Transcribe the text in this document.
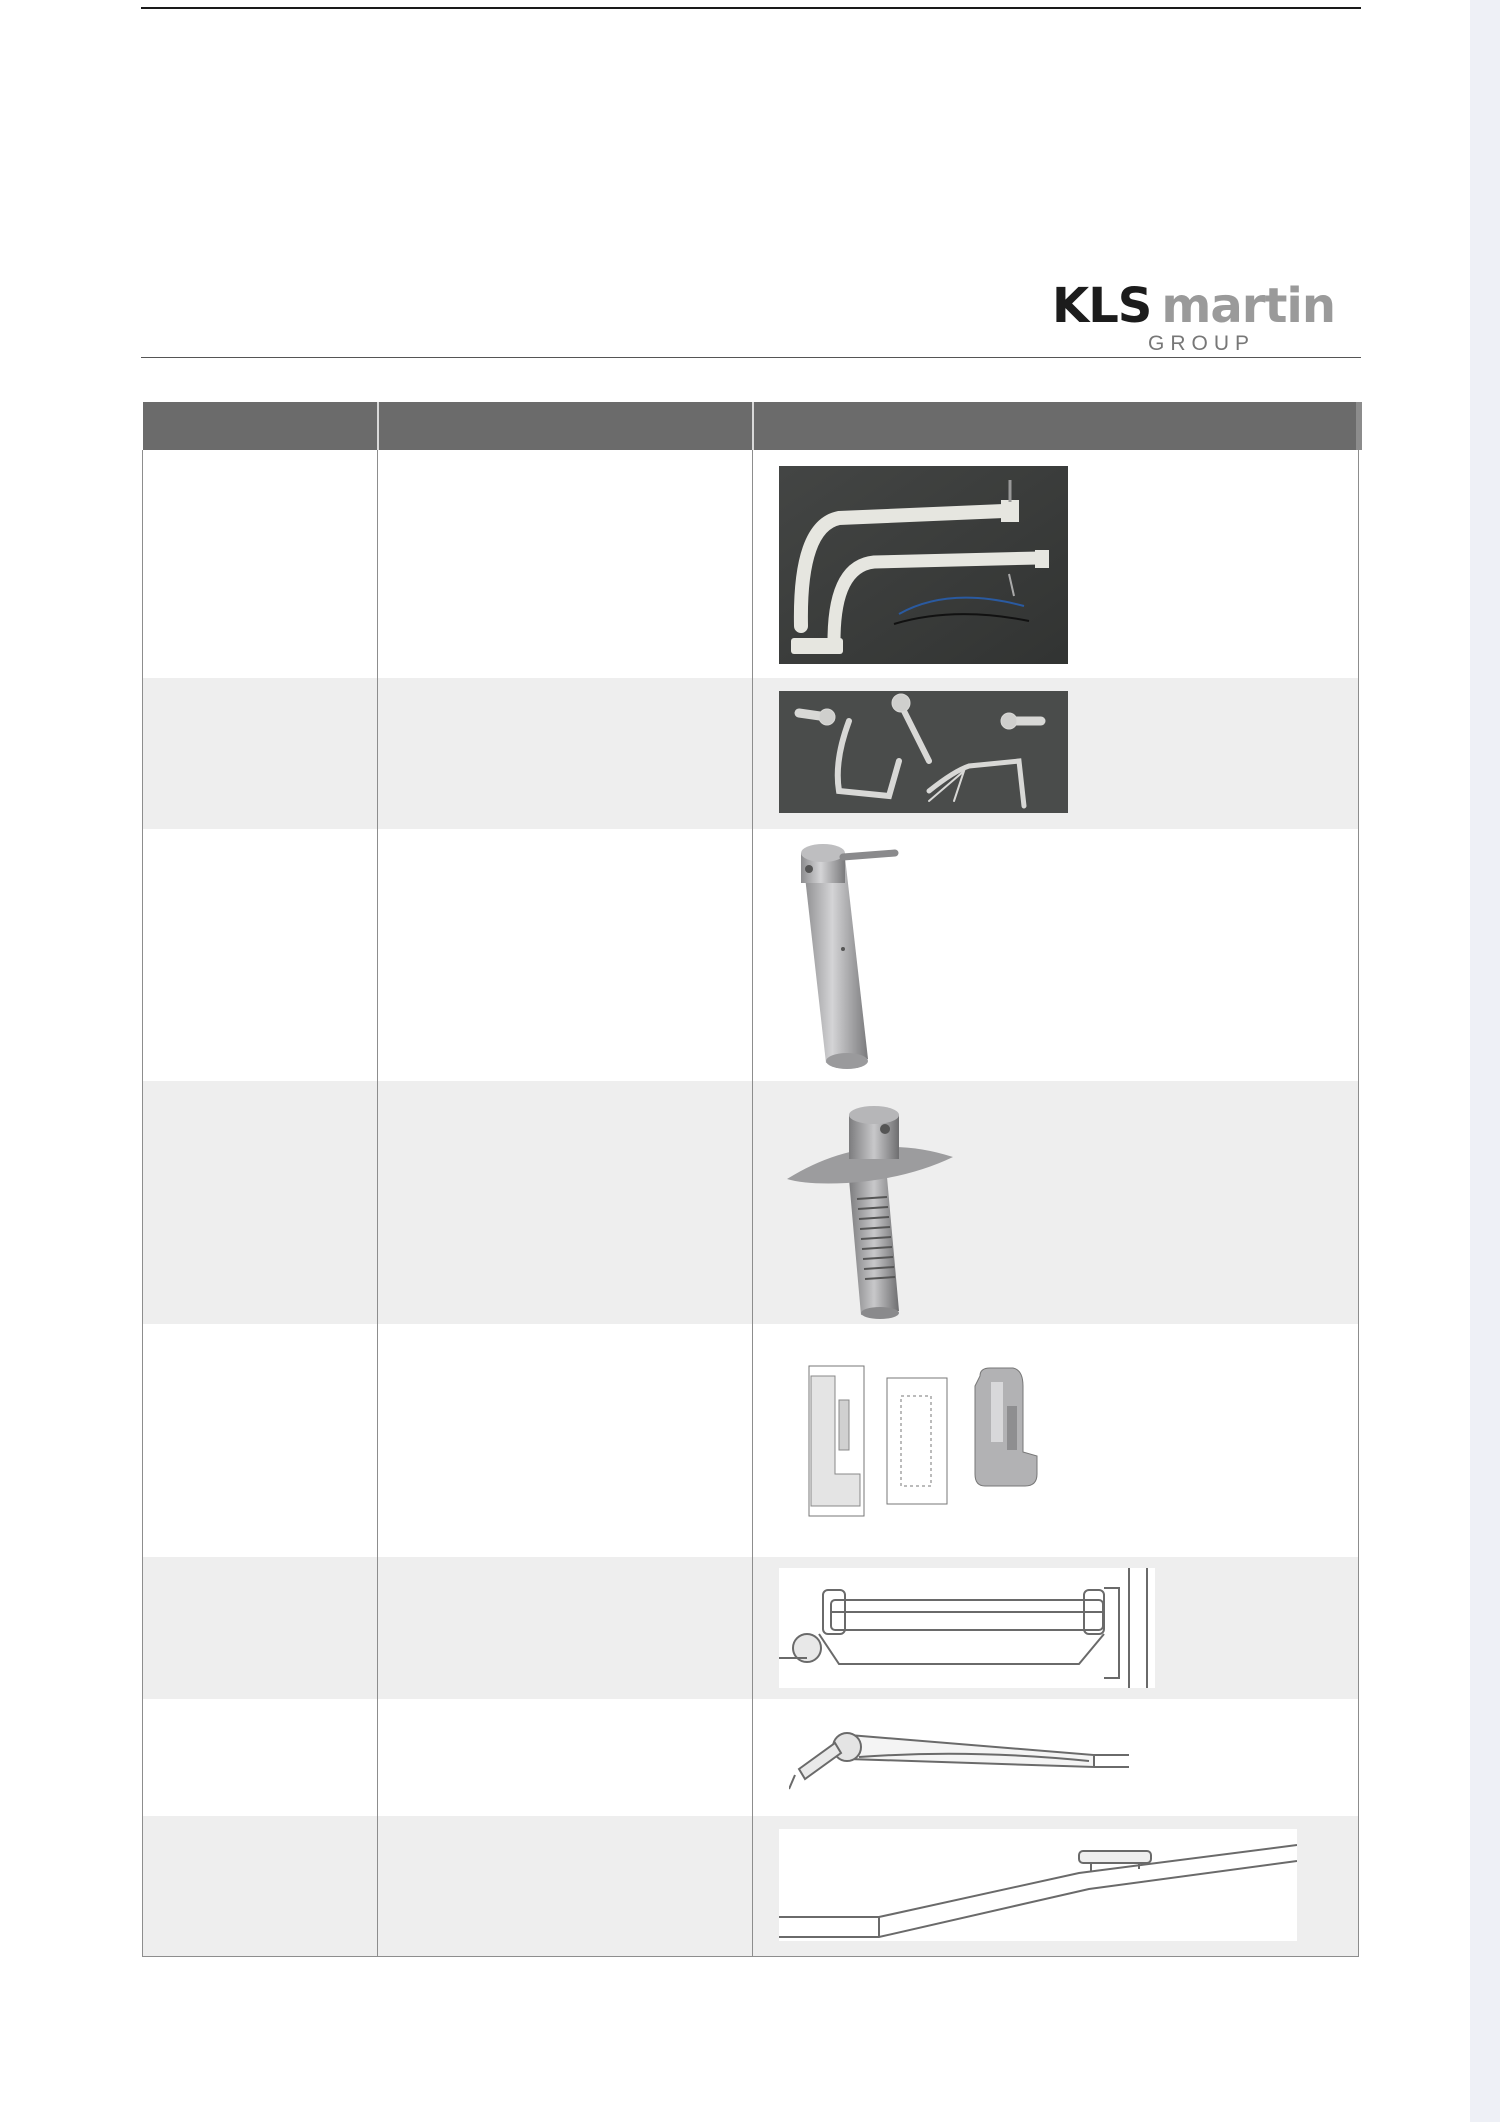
KLS martin
GROUP
